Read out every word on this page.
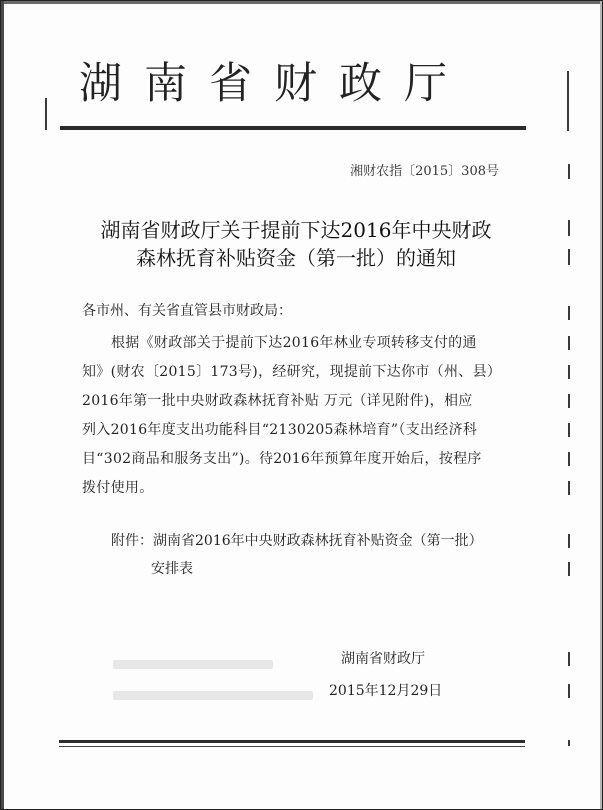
湖南省财政厅
湘财农指〔2015〕308号
湖南省财政厅关于提前下达2016年中央财政
森林抚育补贴资金（第一批）的通知
各市州、有关省直管县市财政局：
根据《财政部关于提前下达2016年林业专项转移支付的通
知》(财农〔2015〕173号)，经研究，现提前下达你市（州、县）
2016年第一批中央财政森林抚育补贴 万元（详见附件)，相应
列入2016年度支出功能科目“2130205森林培育”（支出经济科
目“302商品和服务支出”)。待2016年预算年度开始后，按程序
拨付使用。
附件：湖南省2016年中央财政森林抚育补贴资金（第一批）
安排表
湖南省财政厅
2015年12月29日
